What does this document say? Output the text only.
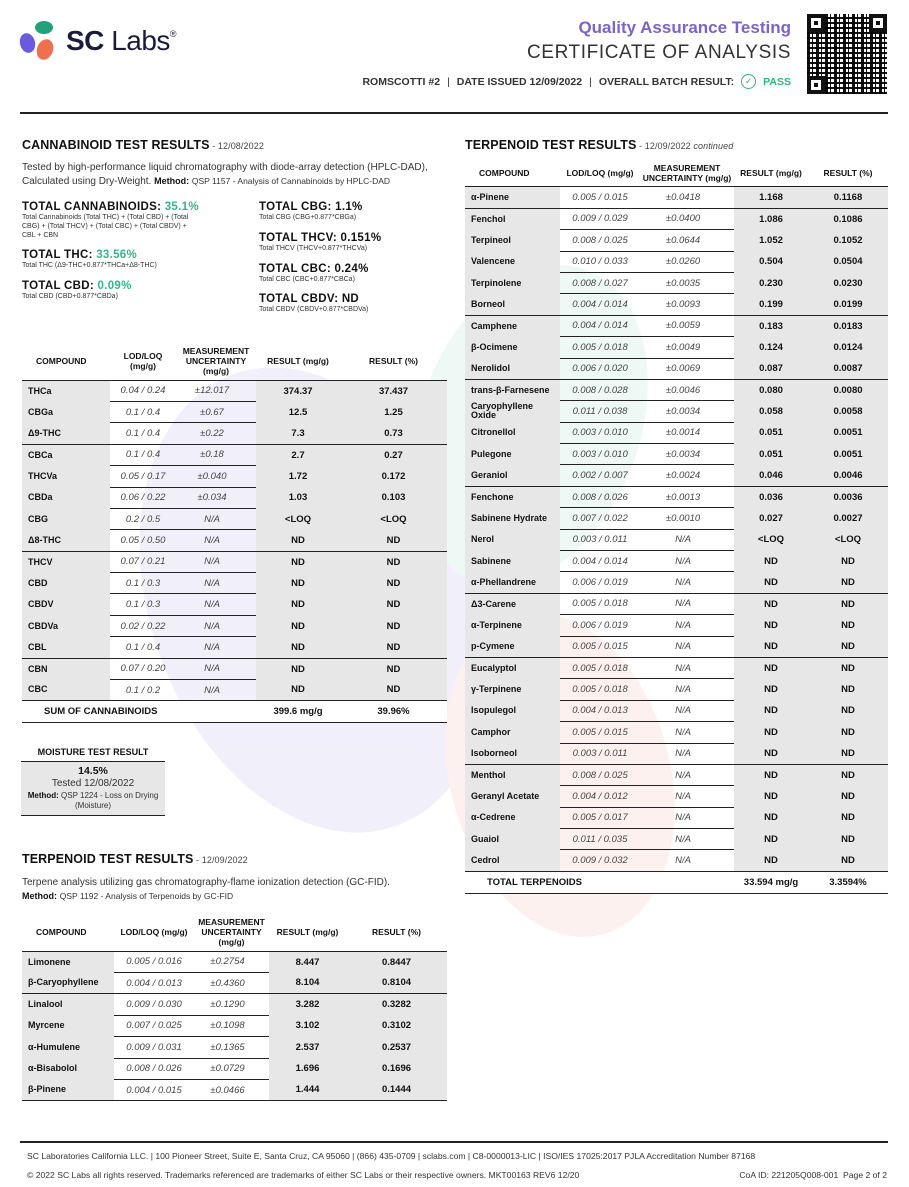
SC Labs®	Quality Assurance Testing
CERTIFICATE OF ANALYSIS
ROMSCOTTI #2 | DATE ISSUED 12/09/2022 | OVERALL BATCH RESULT:	✓	PASS
CANNABINOID TEST RESULTS - 12/08/2022
Tested by high-performance liquid chromatography with diode-array detection (HPLC-DAD), Calculated using Dry-Weight. Method: QSP 1157 - Analysis of Cannabinoids by HPLC-DAD
TOTAL CANNABINOIDS: 35.1%
Total Cannabinoids (Total THC) + (Total CBD) + (Total CBG) + (Total THCV) + (Total CBC) + (Total CBDV) + CBL + CBN
TOTAL THC: 33.56%
Total THC (Δ9-THC+0.877*THCa+Δ8-THC)
TOTAL CBD: 0.09%
Total CBD (CBD+0.877*CBDa)
TOTAL CBG: 1.1%
Total CBG (CBG+0.877*CBGa)
TOTAL THCV: 0.151%
Total THCV (THCV+0.877*THCVa)
TOTAL CBC: 0.24%
Total CBC (CBC+0.877*CBCa)
TOTAL CBDV: ND
Total CBDV (CBDV+0.877*CBDVa)
COMPOUND	LOD/LOQ (mg/g)	MEASUREMENT UNCERTAINTY (mg/g)	RESULT (mg/g)	RESULT (%)
THCa	0.04 / 0.24	±12.017	374.37	37.437
CBGa	0.1 / 0.4	±0.67	12.5	1.25
Δ9-THC	0.1 / 0.4	±0.22	7.3	0.73
CBCa	0.1 / 0.4	±0.18	2.7	0.27
THCVa	0.05 / 0.17	±0.040	1.72	0.172
CBDa	0.06 / 0.22	±0.034	1.03	0.103
CBG	0.2 / 0.5	N/A	<LOQ	<LOQ
Δ8-THC	0.05 / 0.50	N/A	ND	ND
THCV	0.07 / 0.21	N/A	ND	ND
CBD	0.1 / 0.3	N/A	ND	ND
CBDV	0.1 / 0.3	N/A	ND	ND
CBDVa	0.02 / 0.22	N/A	ND	ND
CBL	0.1 / 0.4	N/A	ND	ND
CBN	0.07 / 0.20	N/A	ND	ND
CBC	0.1 / 0.2	N/A	ND	ND
SUM OF CANNABINOIDS			399.6 mg/g	39.96%
MOISTURE TEST RESULT
14.5%
Tested 12/08/2022
Method: QSP 1224 - Loss on Drying (Moisture)
TERPENOID TEST RESULTS - 12/09/2022
Terpene analysis utilizing gas chromatography-flame ionization detection (GC-FID). Method: QSP 1192 - Analysis of Terpenoids by GC-FID
COMPOUND	LOD/LOQ (mg/g)	MEASUREMENT UNCERTAINTY (mg/g)	RESULT (mg/g)	RESULT (%)
Limonene	0.005 / 0.016	±0.2754	8.447	0.8447
β-Caryophyllene	0.004 / 0.013	±0.4360	8.104	0.8104
Linalool	0.009 / 0.030	±0.1290	3.282	0.3282
Myrcene	0.007 / 0.025	±0.1098	3.102	0.3102
α-Humulene	0.009 / 0.031	±0.1365	2.537	0.2537
α-Bisabolol	0.008 / 0.026	±0.0729	1.696	0.1696
β-Pinene	0.004 / 0.015	±0.0466	1.444	0.1444
TERPENOID TEST RESULTS - 12/09/2022 continued
COMPOUND	LOD/LOQ (mg/g)	MEASUREMENT UNCERTAINTY (mg/g)	RESULT (mg/g)	RESULT (%)
α-Pinene	0.005 / 0.015	±0.0418	1.168	0.1168
Fenchol	0.009 / 0.029	±0.0400	1.086	0.1086
Terpineol	0.008 / 0.025	±0.0644	1.052	0.1052
Valencene	0.010 / 0.033	±0.0260	0.504	0.0504
Terpinolene	0.008 / 0.027	±0.0035	0.230	0.0230
Borneol	0.004 / 0.014	±0.0093	0.199	0.0199
Camphene	0.004 / 0.014	±0.0059	0.183	0.0183
β-Ocimene	0.005 / 0.018	±0.0049	0.124	0.0124
Nerolidol	0.006 / 0.020	±0.0069	0.087	0.0087
trans-β-Farnesene	0.008 / 0.028	±0.0046	0.080	0.0080
Caryophyllene Oxide	0.011 / 0.038	±0.0034	0.058	0.0058
Citronellol	0.003 / 0.010	±0.0014	0.051	0.0051
Pulegone	0.003 / 0.010	±0.0034	0.051	0.0051
Geraniol	0.002 / 0.007	±0.0024	0.046	0.0046
Fenchone	0.008 / 0.026	±0.0013	0.036	0.0036
Sabinene Hydrate	0.007 / 0.022	±0.0010	0.027	0.0027
Nerol	0.003 / 0.011	N/A	<LOQ	<LOQ
Sabinene	0.004 / 0.014	N/A	ND	ND
α-Phellandrene	0.006 / 0.019	N/A	ND	ND
Δ3-Carene	0.005 / 0.018	N/A	ND	ND
α-Terpinene	0.006 / 0.019	N/A	ND	ND
p-Cymene	0.005 / 0.015	N/A	ND	ND
Eucalyptol	0.005 / 0.018	N/A	ND	ND
γ-Terpinene	0.005 / 0.018	N/A	ND	ND
Isopulegol	0.004 / 0.013	N/A	ND	ND
Camphor	0.005 / 0.015	N/A	ND	ND
Isoborneol	0.003 / 0.011	N/A	ND	ND
Menthol	0.008 / 0.025	N/A	ND	ND
Geranyl Acetate	0.004 / 0.012	N/A	ND	ND
α-Cedrene	0.005 / 0.017	N/A	ND	ND
Guaiol	0.011 / 0.035	N/A	ND	ND
Cedrol	0.009 / 0.032	N/A	ND	ND
TOTAL TERPENOIDS			33.594 mg/g	3.3594%
SC Laboratories California LLC. | 100 Pioneer Street, Suite E, Santa Cruz, CA 95060 | (866) 435-0709 | sclabs.com | C8-0000013-LIC | ISO/IES 17025:2017 PJLA Accreditation Number 87168
© 2022 SC Labs all rights reserved. Trademarks referenced are trademarks of either SC Labs or their respective owners. MKT00163 REV6 12/20	CoA ID: 221205Q008-001 Page 2 of 2
